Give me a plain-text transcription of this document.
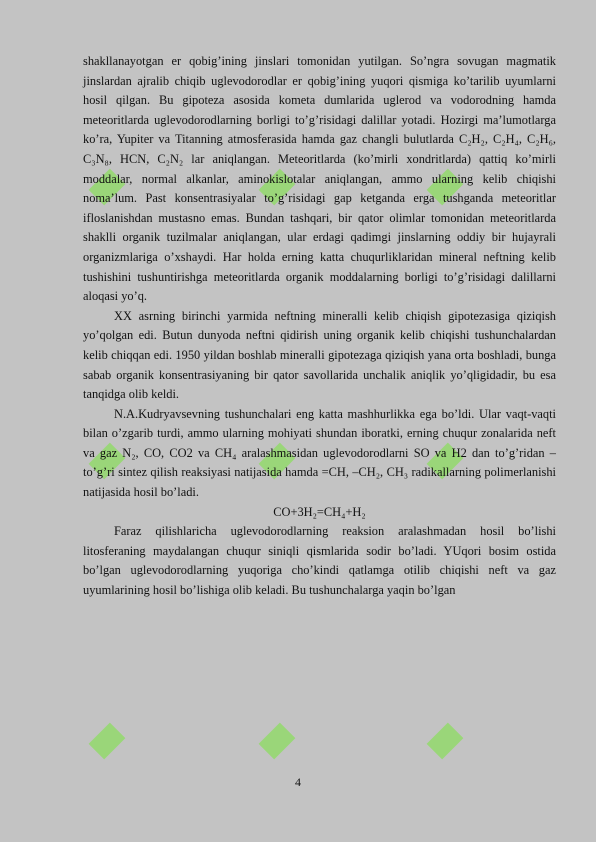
shakllanayotgan er qobig’ining jinslari tomonidan yutilgan. So’ngra sovugan magmatik jinslardan ajralib chiqib uglevodorodlar er qobig’ining yuqori qismiga ko’tarilib uyumlarni hosil qilgan. Bu gipoteza asosida kometa dumlarida uglerod va vodorodning hamda meteoritlarda uglevodorodlarning borligi to’g’risidagi dalillar yotadi. Hozirgi ma’lumotlarga ko’ra, Yupiter va Titanning atmosferasida hamda gaz changli bulutlarda C₂H₂, C₂H₄, C₂H₆, C₃N₈, HCN, C₂N₂ lar aniqlangan. Meteoritlarda (ko’mirli xondritlarda) qattiq ko’mirli moddalar, normal alkanlar, aminokislotalar aniqlangan, ammo ularning kelib chiqishi noma’lum. Past konsentrasiyalar to’g’risidagi gap ketganda erga tushganda meteoritlar ifloslanishdan mustasno emas. Bundan tashqari, bir qator olimlar tomonidan meteoritlarda shaklli organik tuzilmalar aniqlangan, ular erdagi qadimgi jinslarning oddiy bir hujayrali organizmlariga o’xshaydi. Har holda erning katta chuqurliklaridan mineral neftning kelib tushishini tushuntirishga meteoritlarda organik moddalarning borligi to’g’risidagi dalillarni aloqasi yo’q.

XX asrning birinchi yarmida neftning mineralli kelib chiqish gipotezasiga qiziqish yo’qolgan edi. Butun dunyoda neftni qidirish uning organik kelib chiqishi tushunchalardan kelib chiqqan edi. 1950 yildan boshlab mineralli gipotezaga qiziqish yana orta boshladi, bunga sabab organik konsentrasiyaning bir qator savollarida unchalik aniqlik yo’qligidadir, bu esa tanqidga olib keldi.

N.A.Kudryavsevning tushunchalari eng katta mashhurlikka ega bo’ldi. Ular vaqt-vaqti bilan o’zgarib turdi, ammo ularning mohiyati shundan iboratki, erning chuqur zonalarida neft va gaz N₂, CO, CO2 va CH₄ aralashmasidan uglevodorodlarni SO va H2 dan to’g’ridan – to’g’ri sintez qilish reaksiyasi natijasida hamda =CH, –CH₂, CH₃ radikallarning polimerlanishi natijasida hosil bo’ladi.

CO+3H₂=CH₄+H₂

Faraz qilishlaricha uglevodorodlarning reaksion aralashmadan hosil bo’lishi litosferaning maydalangan chuqur siniqli qismlarida sodir bo’ladi. YUqori bosim ostida bo’lgan uglevodorodlarning yuqoriga cho’kindi qatlamga otilib chiqishi neft va gaz uyumlarining hosil bo’lishiga olib keladi. Bu tushunchalarga yaqin bo’lgan

4
